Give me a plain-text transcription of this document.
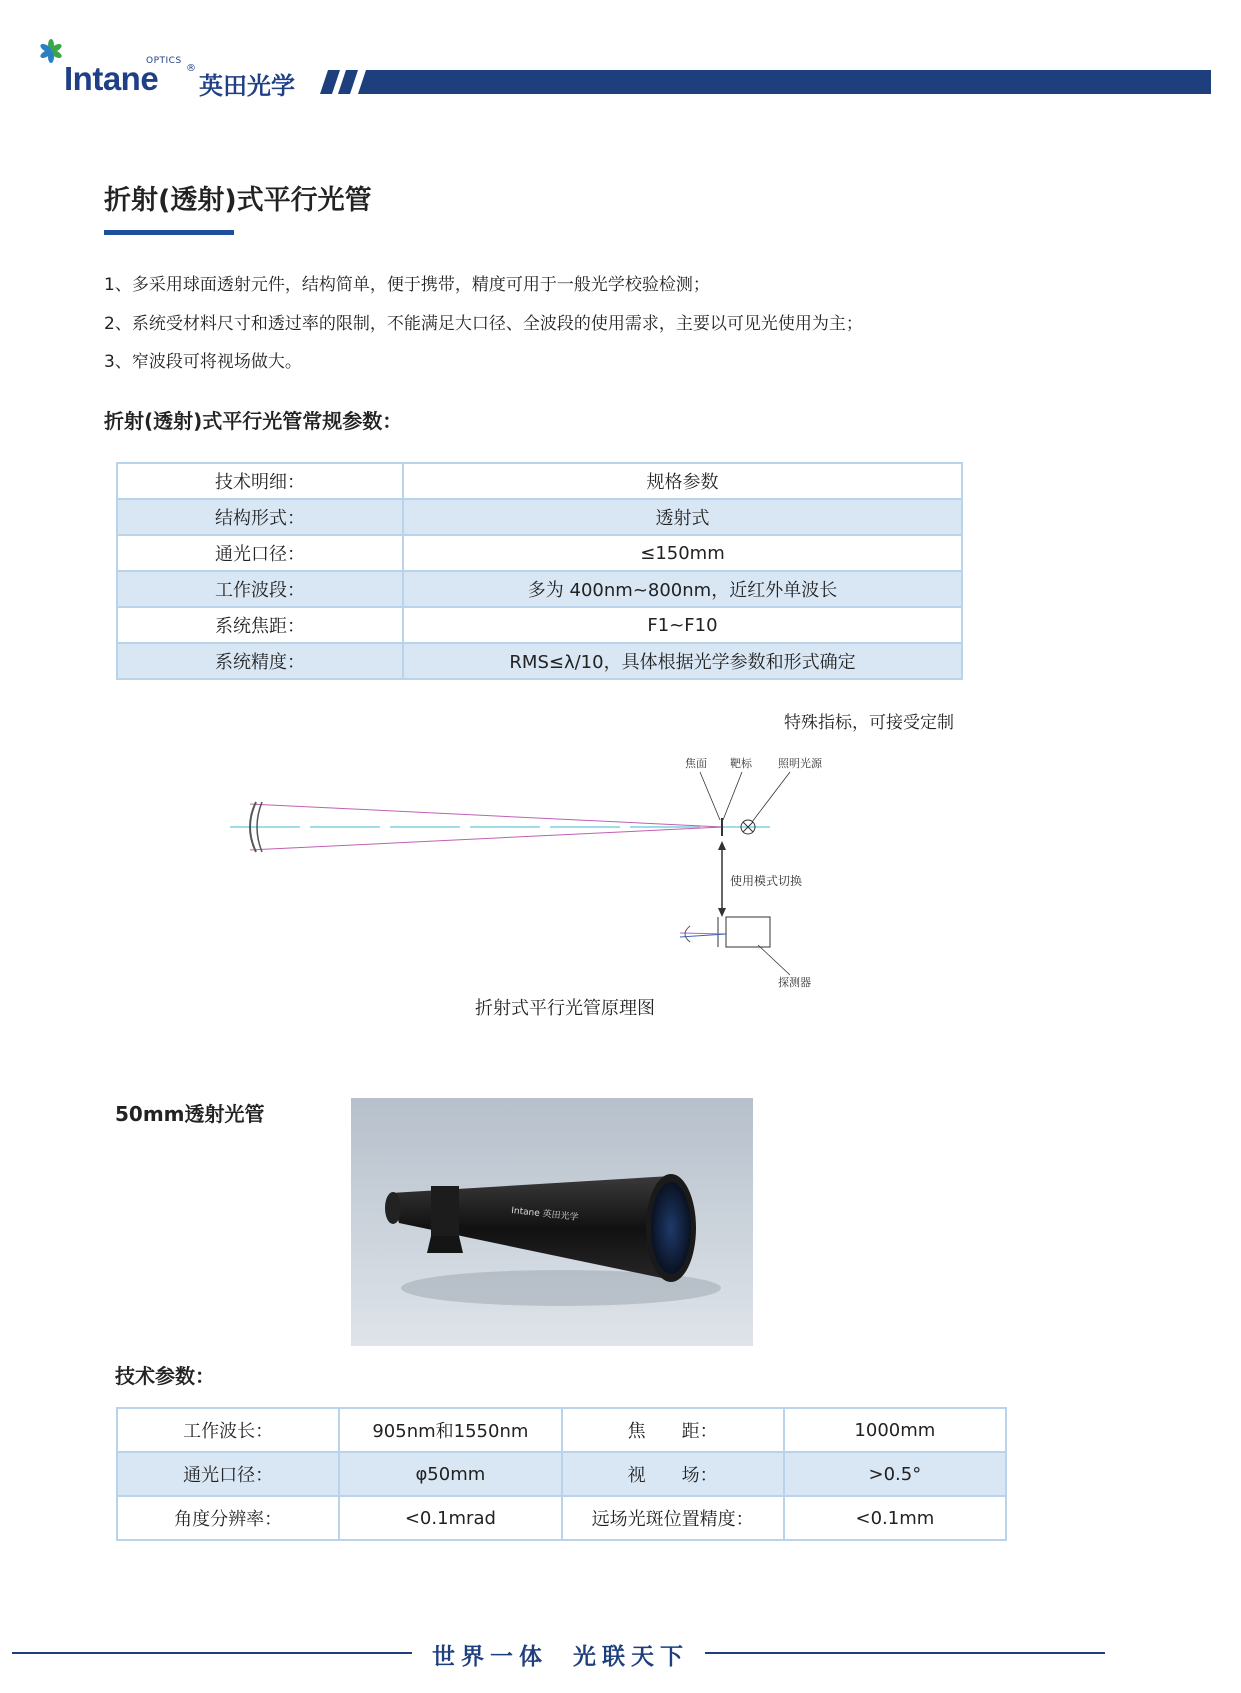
Intane
OPTICS
®
英田光学
折射(透射)式平行光管
1、多采用球面透射元件，结构简单，便于携带，精度可用于一般光学校验检测；
2、系统受材料尺寸和透过率的限制，不能满足大口径、全波段的使用需求，主要以可见光使用为主；
3、窄波段可将视场做大。
折射(透射)式平行光管常规参数：
技术明细：	规格参数
结构形式：	透射式
通光口径：	≤150mm
工作波段：	多为 400nm~800nm，近红外单波长
系统焦距：	F1~F10
系统精度：	RMS≤λ/10，具体根据光学参数和形式确定
特殊指标，可接受定制
焦面 靶标 照明光源
使用模式切换
探测器
折射式平行光管原理图
50mm透射光管
Intane 英田光学
技术参数：
工作波长：	905nm和1550nm	焦　　距：	1000mm
通光口径：	φ50mm	视　　场：	>0.5°
角度分辨率：	<0.1mrad	远场光斑位置精度：	<0.1mm
世界一体 光联天下
